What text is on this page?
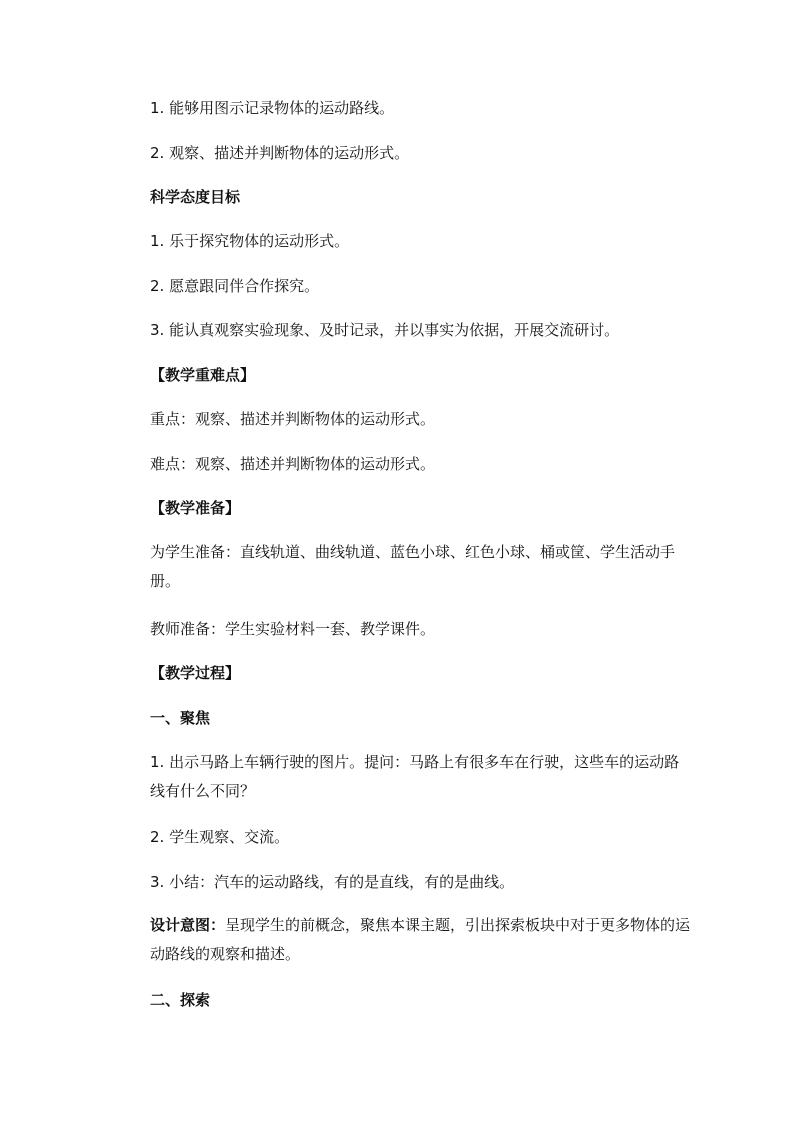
1. 能够用图示记录物体的运动路线。
2. 观察、描述并判断物体的运动形式。
科学态度目标
1. 乐于探究物体的运动形式。
2. 愿意跟同伴合作探究。
3. 能认真观察实验现象、及时记录，并以事实为依据，开展交流研讨。
【教学重难点】
重点：观察、描述并判断物体的运动形式。
难点：观察、描述并判断物体的运动形式。
【教学准备】
为学生准备：直线轨道、曲线轨道、蓝色小球、红色小球、桶或筐、学生活动手册。
教师准备：学生实验材料一套、教学课件。
【教学过程】
一、聚焦
1. 出示马路上车辆行驶的图片。提问：马路上有很多车在行驶，这些车的运动路线有什么不同？
2. 学生观察、交流。
3. 小结：汽车的运动路线，有的是直线，有的是曲线。
设计意图：呈现学生的前概念，聚焦本课主题，引出探索板块中对于更多物体的运动路线的观察和描述。
二、探索
